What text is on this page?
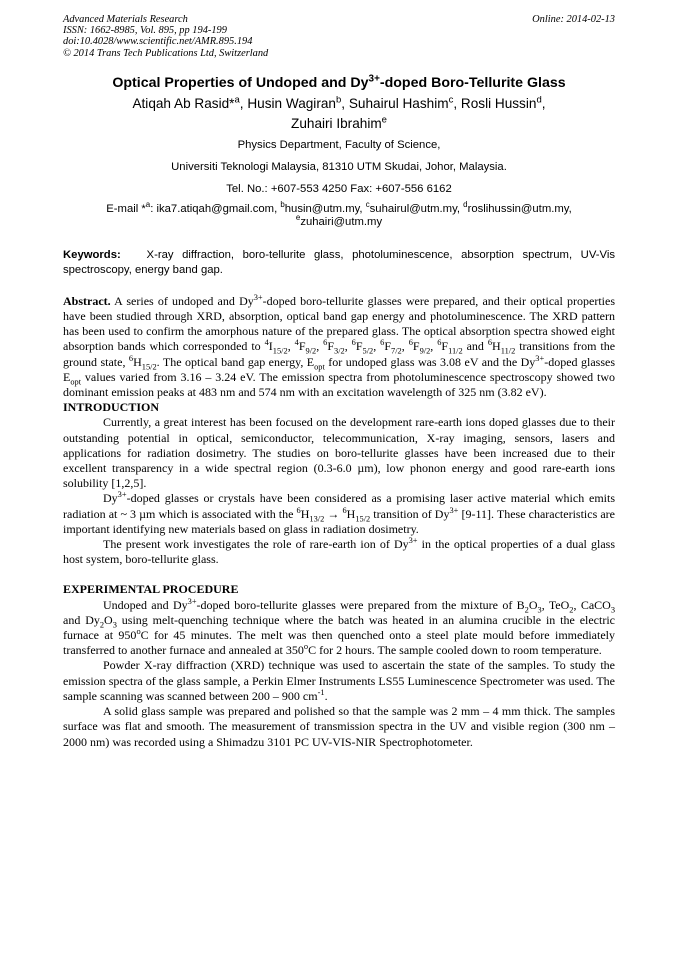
Advanced Materials Research
ISSN: 1662-8985, Vol. 895, pp 194-199
doi:10.4028/www.scientific.net/AMR.895.194
© 2014 Trans Tech Publications Ltd, Switzerland
Online: 2014-02-13
Optical Properties of Undoped and $Dy^{3+}$-doped Boro-Tellurite Glass
Atiqah Ab Rasid*$^a$, Husin Wagiran$^b$, Suhairul Hashim$^c$, Rosli Hussin$^d$,
Zuhairi Ibrahim$^e$
Physics Department, Faculty of Science,
Universiti Teknologi Malaysia, 81310 UTM Skudai, Johor, Malaysia.
Tel. No.: +607-553 4250 Fax: +607-556 6162
E-mail *$^a$: ika7.atiqah@gmail.com, $^b$husin@utm.my, $^c$suhairul@utm.my, $^d$roslihussin@utm.my,
$^e$zuhairi@utm.my
Keywords: X-ray diffraction, boro-tellurite glass, photoluminescence, absorption spectrum, UV-Vis spectroscopy, energy band gap.

Abstract. A series of undoped and $Dy^{3+}$-doped boro-tellurite glasses were prepared, and their optical properties have been studied through XRD, absorption, optical band gap energy and photoluminescence. The XRD pattern has been used to confirm the amorphous nature of the prepared glass. The optical absorption spectra showed eight absorption bands which corresponded to $^4I_{15/2}$, $^4F_{9/2}$, $^6F_{3/2}$, $^6F_{5/2}$, $^6F_{7/2}$, $^6F_{9/2}$, $^6F_{11/2}$ and $^6H_{11/2}$ transitions from the ground state, $^6H_{15/2}$. The optical band gap energy, $E_{opt}$ for undoped glass was 3.08 eV and the $Dy^{3+}$-doped glasses $E_{opt}$ values varied from 3.16 – 3.24 eV. The emission spectra from photoluminescence spectroscopy showed two dominant emission peaks at 483 nm and 574 nm with an excitation wavelength of 325 nm (3.82 eV).

INTRODUCTION

Currently, a great interest has been focused on the development rare-earth ions doped glasses due to their outstanding potential in optical, semiconductor, telecommunication, X-ray imaging, sensors, lasers and applications for radiation dosimetry. The studies on boro-tellurite glasses have been increased due to their excellent transparency in a wide spectral region (0.3-6.0 µm), low phonon energy and good rare-earth ions solubility [1,2,5].

$Dy^{3+}$-doped glasses or crystals have been considered as a promising laser active material which emits radiation at ~ 3 µm which is associated with the $^6H_{13/2} \to ^6H_{15/2}$ transition of $Dy^{3+}$ [9-11]. These characteristics are important identifying new materials based on glass in radiation dosimetry.

The present work investigates the role of rare-earth ion of $Dy^{3+}$ in the optical properties of a dual glass host system, boro-tellurite glass.

EXPERIMENTAL PROCEDURE

Undoped and $Dy^{3+}$-doped boro-tellurite glasses were prepared from the mixture of $B_2O_3$, TeO$_2$, CaCO$_3$ and $Dy_2O_3$ using melt-quenching technique where the batch was heated in an alumina crucible in the electric furnace at 950$^o$C for 45 minutes. The melt was then quenched onto a steel plate mould before immediately transferred to another furnace and annealed at 350$^o$C for 2 hours. The sample cooled down to room temperature.

Powder X-ray diffraction (XRD) technique was used to ascertain the state of the samples. To study the emission spectra of the glass sample, a Perkin Elmer Instruments LS55 Luminescence Spectrometer was used. The sample scanning was scanned between 200 – 900 $cm^{-1}$.

A solid glass sample was prepared and polished so that the sample was 2 mm – 4 mm thick. The samples surface was flat and smooth. The measurement of transmission spectra in the UV and visible region (300 nm – 2000 nm) was recorded using a Shimadzu 3101 PC UV-VIS-NIR Spectrophotometer.
